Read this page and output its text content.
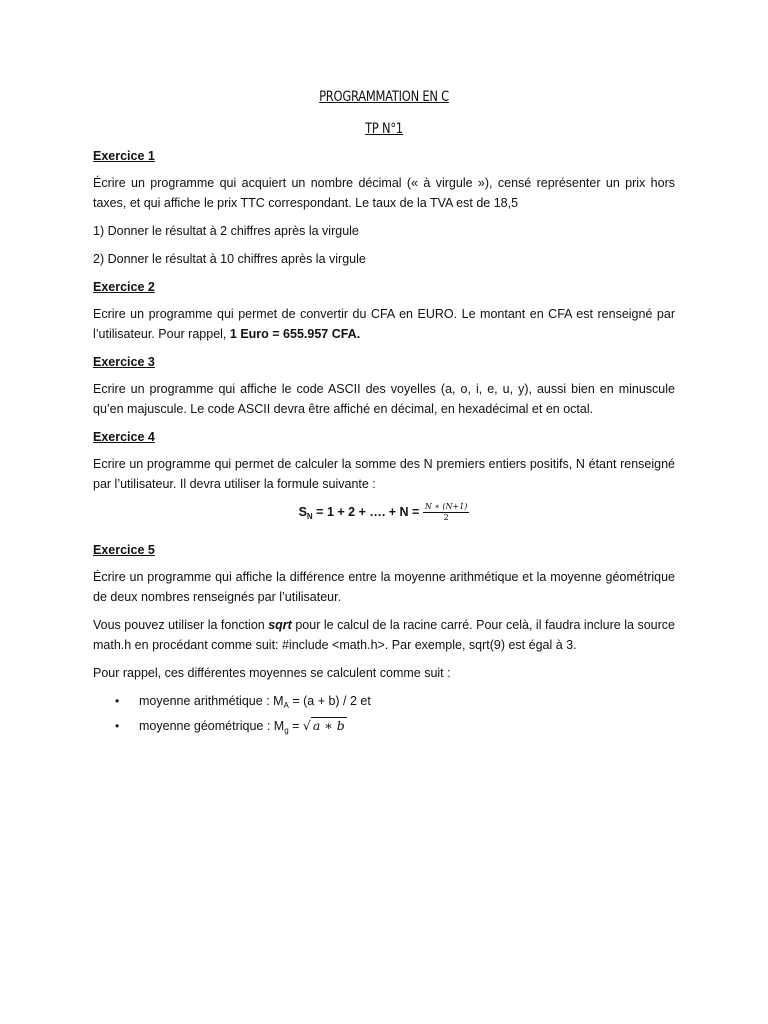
PROGRAMMATION EN C
TP N°1
Exercice 1

Écrire un programme qui acquiert un nombre décimal (« à virgule »), censé représenter un prix hors taxes, et qui affiche le prix TTC correspondant. Le taux de la TVA est de 18,5

1) Donner le résultat à 2 chiffres après la virgule

2) Donner le résultat à 10 chiffres après la virgule

Exercice 2

Ecrire un programme qui permet de convertir du CFA en EURO. Le montant en CFA est renseigné par l’utilisateur. Pour rappel, 1 Euro = 655.957 CFA.

Exercice 3

Ecrire un programme qui affiche le code ASCII des voyelles (a, o, i, e, u, y), aussi bien en minuscule qu’en majuscule. Le code ASCII devra être affiché en décimal, en hexadécimal et en octal.

Exercice 4

Ecrire un programme qui permet de calculer la somme des N premiers entiers positifs, N étant renseigné par l’utilisateur. Il devra utiliser la formule suivante :

$S_N = 1 + 2$ + …. + $N = \frac{N ∗ (N+1)}{2}$
Exercice 5

Écrire un programme qui affiche la différence entre la moyenne arithmétique et la moyenne géométrique de deux nombres renseignés par l’utilisateur.

Vous pouvez utiliser la fonction sqrt pour le calcul de la racine carré. Pour celà, il faudra inclure la source math.h en procédant comme suit: #include <math.h>. Par exemple, sqrt(9) est égal à 3.

Pour rappel, ces différentes moyennes se calculent comme suit :

• moyenne arithmétique : $M_A = (a + b) / 2$ et
• moyenne géométrique : $M_g$ = √ a ∗ b
